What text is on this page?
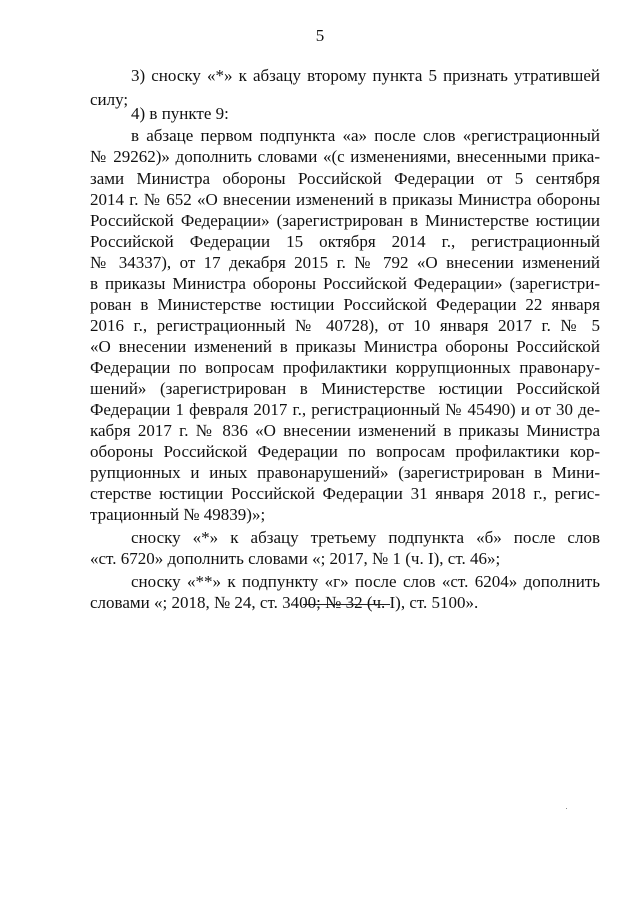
5
3) сноску «*» к абзацу второму пункта 5 признать утратившей
силу;
4) в пункте 9:
в абзаце первом подпункта «а» после слов «регистрационный
№ 29262)» дополнить словами «(с изменениями, внесенными прика-
зами Министра обороны Российской Федерации от 5 сентября
2014 г. № 652 «О внесении изменений в приказы Министра обороны
Российской Федерации» (зарегистрирован в Министерстве юстиции
Российской Федерации 15 октября 2014 г., регистрационный
№ 34337), от 17 декабря 2015 г. № 792 «О внесении изменений
в приказы Министра обороны Российской Федерации» (зарегистри-
рован в Министерстве юстиции Российской Федерации 22 января
2016 г., регистрационный № 40728), от 10 января 2017 г. № 5
«О внесении изменений в приказы Министра обороны Российской
Федерации по вопросам профилактики коррупционных правонару-
шений» (зарегистрирован в Министерстве юстиции Российской
Федерации 1 февраля 2017 г., регистрационный № 45490) и от 30 де-
кабря 2017 г. № 836 «О внесении изменений в приказы Министра
обороны Российской Федерации по вопросам профилактики кор-
рупционных и иных правонарушений» (зарегистрирован в Мини-
стерстве юстиции Российской Федерации 31 января 2018 г., регис-
трационный № 49839)»;
сноску «*» к абзацу третьему подпункта «б» после слов
«ст. 6720» дополнить словами «; 2017, № 1 (ч. I), ст. 46»;
сноску «**» к подпункту «г» после слов «ст. 6204» дополнить
словами «; 2018, № 24, ст. 3400; № 32 (ч. I), ст. 5100».
